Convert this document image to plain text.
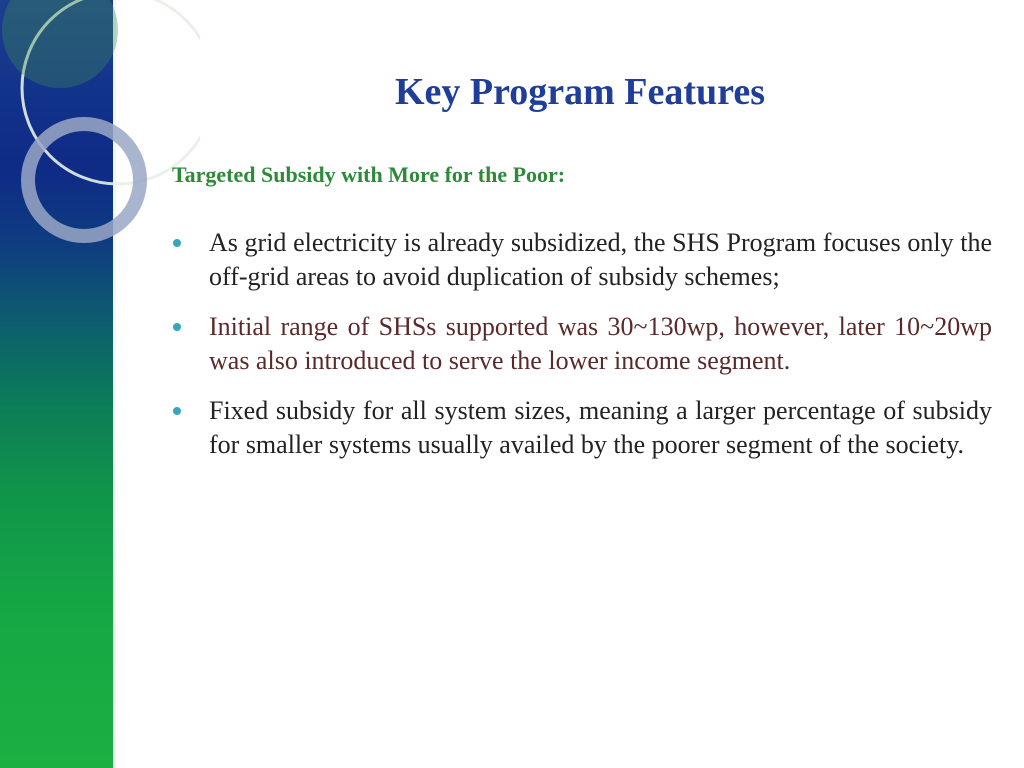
Key Program Features

Targeted Subsidy with More for the Poor:

As grid electricity is already subsidized, the SHS Program focuses only the off-grid areas to avoid duplication of subsidy schemes;
Initial range of SHSs supported was 30~130wp, however, later 10~20wp was also introduced to serve the lower income segment.
Fixed subsidy for all system sizes, meaning a larger percentage of subsidy for smaller systems usually availed by the poorer segment of the society.
